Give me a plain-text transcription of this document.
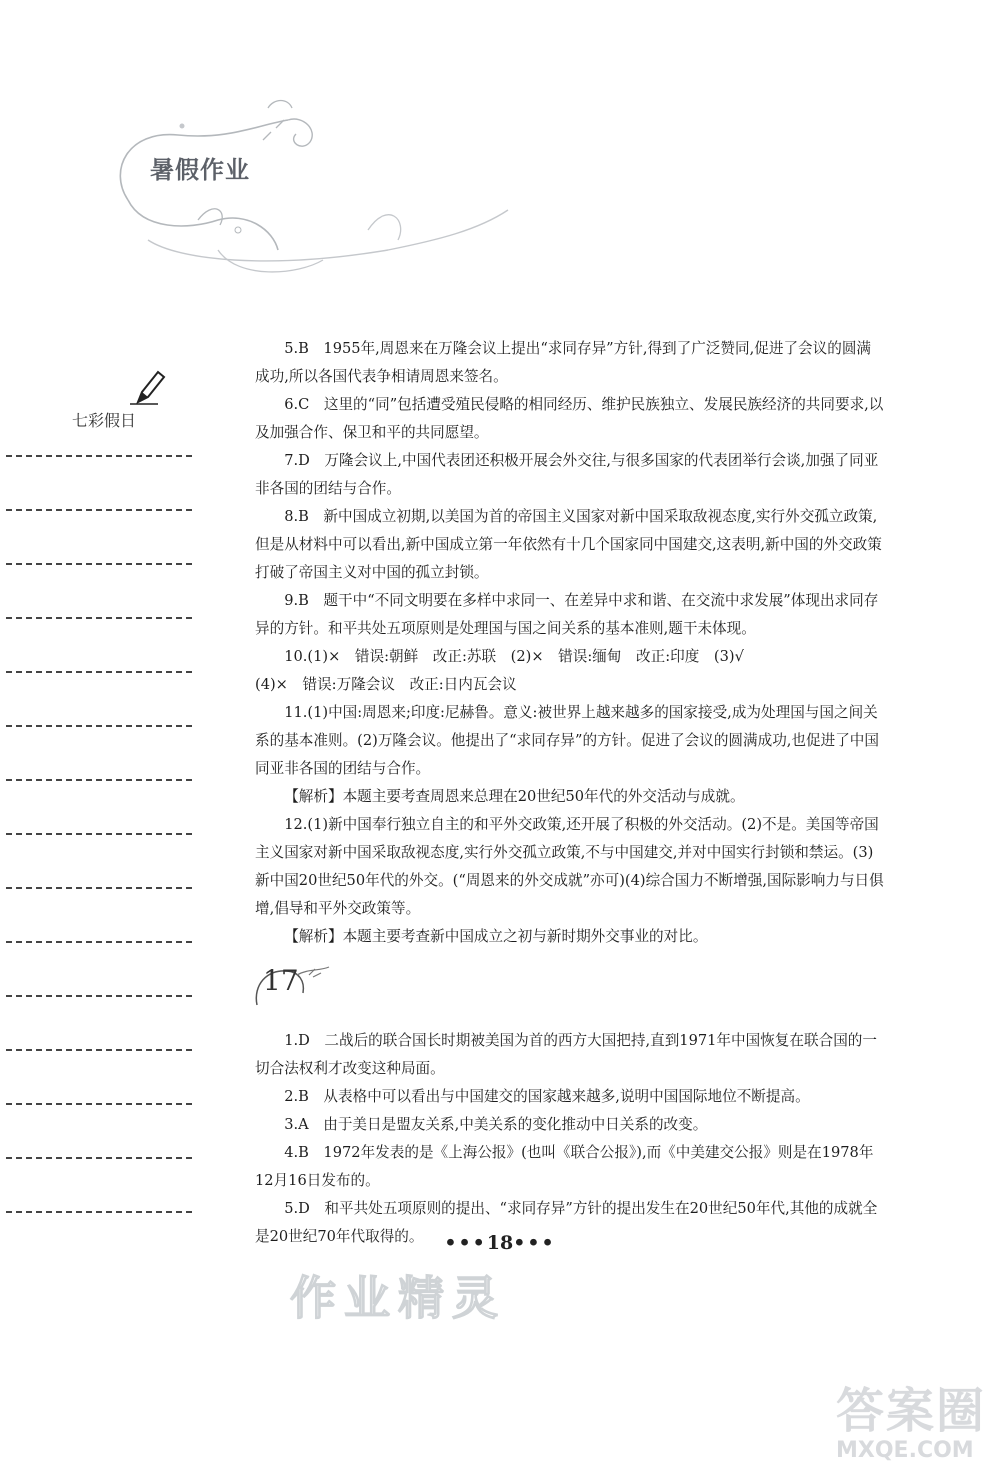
暑假作业
七彩假日

5.B　1955年,周恩来在万隆会议上提出“求同存异”方针,得到了广泛赞同,促进了会议的圆满成功,所以各国代表争相请周恩来签名。

6.C　这里的“同”包括遭受殖民侵略的相同经历、维护民族独立、发展民族经济的共同要求,以及加强合作、保卫和平的共同愿望。

7.D　万隆会议上,中国代表团还积极开展会外交往,与很多国家的代表团举行会谈,加强了同亚非各国的团结与合作。

8.B　新中国成立初期,以美国为首的帝国主义国家对新中国采取敌视态度,实行外交孤立政策,但是从材料中可以看出,新中国成立第一年依然有十几个国家同中国建交,这表明,新中国的外交政策打破了帝国主义对中国的孤立封锁。

9.B　题干中“不同文明要在多样中求同一、在差异中求和谐、在交流中求发展”体现出求同存异的方针。和平共处五项原则是处理国与国之间关系的基本准则,题干未体现。

10.(1)×　错误:朝鲜　改正:苏联　(2)×　错误:缅甸　改正:印度　(3)√

(4)×　错误:万隆会议　改正:日内瓦会议

11.(1)中国:周恩来;印度:尼赫鲁。意义:被世界上越来越多的国家接受,成为处理国与国之间关系的基本准则。(2)万隆会议。他提出了“求同存异”的方针。促进了会议的圆满成功,也促进了中国同亚非各国的团结与合作。

【解析】本题主要考查周恩来总理在20世纪50年代的外交活动与成就。

12.(1)新中国奉行独立自主的和平外交政策,还开展了积极的外交活动。(2)不是。美国等帝国主义国家对新中国采取敌视态度,实行外交孤立政策,不与中国建交,并对中国实行封锁和禁运。(3)新中国20世纪50年代的外交。(“周恩来的外交成就”亦可)(4)综合国力不断增强,国际影响力与日俱增,倡导和平外交政策等。

【解析】本题主要考查新中国成立之初与新时期外交事业的对比。

17

1.D　二战后的联合国长时期被美国为首的西方大国把持,直到1971年中国恢复在联合国的一切合法权利才改变这种局面。

2.B　从表格中可以看出与中国建交的国家越来越多,说明中国国际地位不断提高。

3.A　由于美日是盟友关系,中美关系的变化推动中日关系的改变。

4.B　1972年发表的是《上海公报》(也叫《联合公报》),而《中美建交公报》则是在1978年12月16日发布的。

5.D　和平共处五项原则的提出、“求同存异”方针的提出发生在20世纪50年代,其他的成就全是20世纪70年代取得的。	•••18•••
作业精灵
答案圈
MXQE.COM
